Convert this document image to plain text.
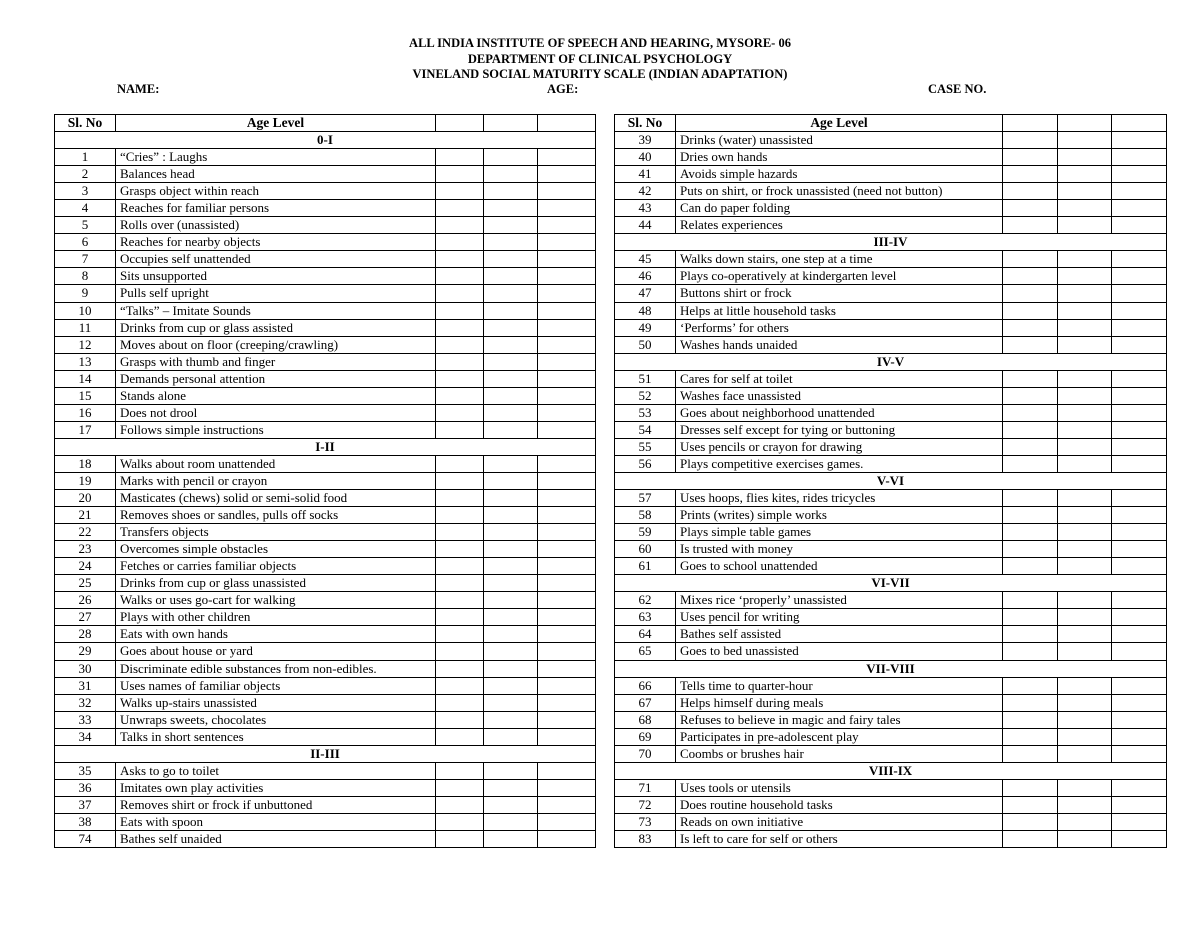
ALL INDIA INSTITUTE OF SPEECH AND HEARING, MYSORE- 06
DEPARTMENT OF CLINICAL PSYCHOLOGY
VINELAND SOCIAL MATURITY SCALE (INDIAN ADAPTATION)
NAME:	AGE:	CASE NO.
Sl. No	Age Level			
0-I				
1	“Cries” : Laughs			
2	Balances head			
3	Grasps object within reach			
4	Reaches for familiar persons			
5	Rolls over (unassisted)			
6	Reaches for nearby objects			
7	Occupies self unattended			
8	Sits unsupported			
9	Pulls self upright			
10	“Talks” – Imitate Sounds			
11	Drinks from cup or glass assisted			
12	Moves about on floor (creeping/crawling)			
13	Grasps with thumb and finger			
14	Demands personal attention			
15	Stands alone			
16	Does not drool			
17	Follows simple instructions			
I-II				
18	Walks about room unattended			
19	Marks with pencil or crayon			
20	Masticates (chews) solid or semi-solid food			
21	Removes shoes or sandles, pulls off socks			
22	Transfers objects			
23	Overcomes simple obstacles			
24	Fetches or carries familiar objects			
25	Drinks from cup or glass unassisted			
26	Walks or uses go-cart for walking			
27	Plays with other children			
28	Eats with own hands			
29	Goes about house or yard			
30	Discriminate edible substances from non-edibles.			
31	Uses names of familiar objects			
32	Walks up-stairs unassisted			
33	Unwraps sweets, chocolates			
34	Talks in short sentences			
II-III				
35	Asks to go to toilet			
36	Imitates own play activities			
37	Removes shirt or frock if unbuttoned			
38	Eats with spoon			
74	Bathes self unaided			
Sl. No	Age Level			
39	Drinks (water) unassisted			
40	Dries own hands			
41	Avoids simple hazards			
42	Puts on shirt, or frock unassisted (need not button)			
43	Can do paper folding			
44	Relates experiences			
III-IV				
45	Walks down stairs, one step at a time			
46	Plays co-operatively at kindergarten level			
47	Buttons shirt or frock			
48	Helps at little household tasks			
49	‘Performs’ for others			
50	Washes hands unaided			
IV-V				
51	Cares for self at toilet			
52	Washes face unassisted			
53	Goes about neighborhood unattended			
54	Dresses self except for tying or buttoning			
55	Uses pencils or crayon for drawing			
56	Plays competitive exercises games.			
V-VI				
57	Uses hoops, flies kites, rides tricycles			
58	Prints (writes) simple works			
59	Plays simple table games			
60	Is trusted with money			
61	Goes to school unattended			
VI-VII				
62	Mixes rice ‘properly’ unassisted			
63	Uses pencil for writing			
64	Bathes self assisted			
65	Goes to bed unassisted			
VII-VIII				
66	Tells time to quarter-hour			
67	Helps himself during meals			
68	Refuses to believe in magic and fairy tales			
69	Participates in pre-adolescent play			
70	Coombs or brushes hair			
VIII-IX				
71	Uses tools or utensils			
72	Does routine household tasks			
73	Reads on own initiative			
83	Is left to care for self or others			
